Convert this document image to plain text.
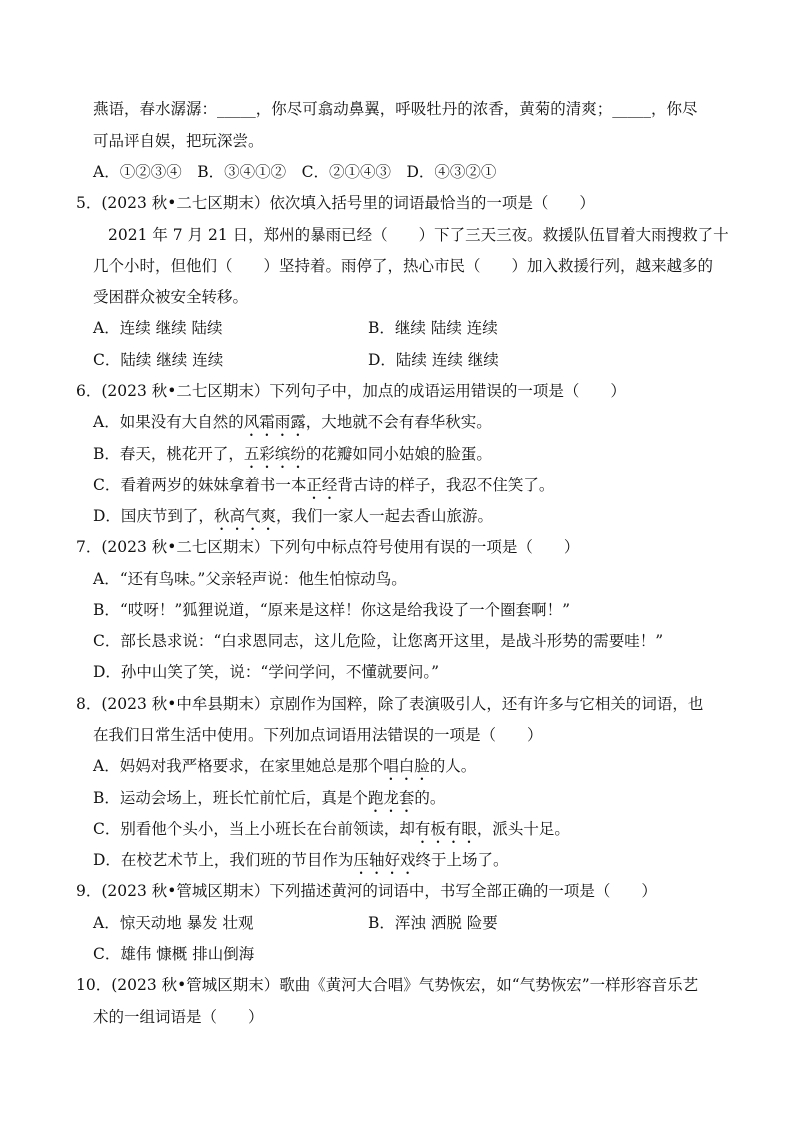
燕语，春水潺潺：_____，你尽可翕动鼻翼，呼吸牡丹的浓香，黄菊的清爽；_____，你尽
可品评自娱，把玩深尝。
A．①②③④　B．③④①②　C．②①④③　D．④③②①
5．(2023 秋•二七区期末）依次填入括号里的词语最恰当的一项是（　　）
2021 年 7 月 21 日，郑州的暴雨已经（　　）下了三天三夜。救援队伍冒着大雨搜救了十
几个小时，但他们（　　）坚持着。雨停了，热心市民（　　）加入救援行列，越来越多的
受困群众被安全转移。
A．连续 继续 陆续	B．继续 陆续 连续
C．陆续 继续 连续	D．陆续 连续 继续
6．(2023 秋•二七区期末）下列句子中，加点的成语运用错误的一项是（　　）
A．如果没有大自然的风霜雨露，大地就不会有春华秋实。
B．春天，桃花开了，五彩缤纷的花瓣如同小姑娘的脸蛋。
C．看着两岁的妹妹拿着书一本正经背古诗的样子，我忍不住笑了。
D．国庆节到了，秋高气爽，我们一家人一起去香山旅游。
7．(2023 秋•二七区期末）下列句中标点符号使用有误的一项是（　　）
A．“还有鸟味。”父亲轻声说：他生怕惊动鸟。
B．“哎呀！”狐狸说道，“原来是这样！你这是给我设了一个圈套啊！”
C．部长恳求说：“白求恩同志，这儿危险，让您离开这里，是战斗形势的需要哇！”
D．孙中山笑了笑，说：“学问学问，不懂就要问。”
8．(2023 秋•中牟县期末）京剧作为国粹，除了表演吸引人，还有许多与它相关的词语，也
在我们日常生活中使用。下列加点词语用法错误的一项是（　　）
A．妈妈对我严格要求，在家里她总是那个唱白脸的人。
B．运动会场上，班长忙前忙后，真是个跑龙套的。
C．别看他个头小，当上小班长在台前领读，却有板有眼，派头十足。
D．在校艺术节上，我们班的节目作为压轴好戏终于上场了。
9．(2023 秋•管城区期末）下列描述黄河的词语中，书写全部正确的一项是（　　）
A．惊天动地 暴发 壮观	B．浑浊 洒脱 险要
C．雄伟 慷概 排山倒海
10．(2023 秋•管城区期末）歌曲《黄河大合唱》气势恢宏，如“气势恢宏”一样形容音乐艺
术的一组词语是（　　）
